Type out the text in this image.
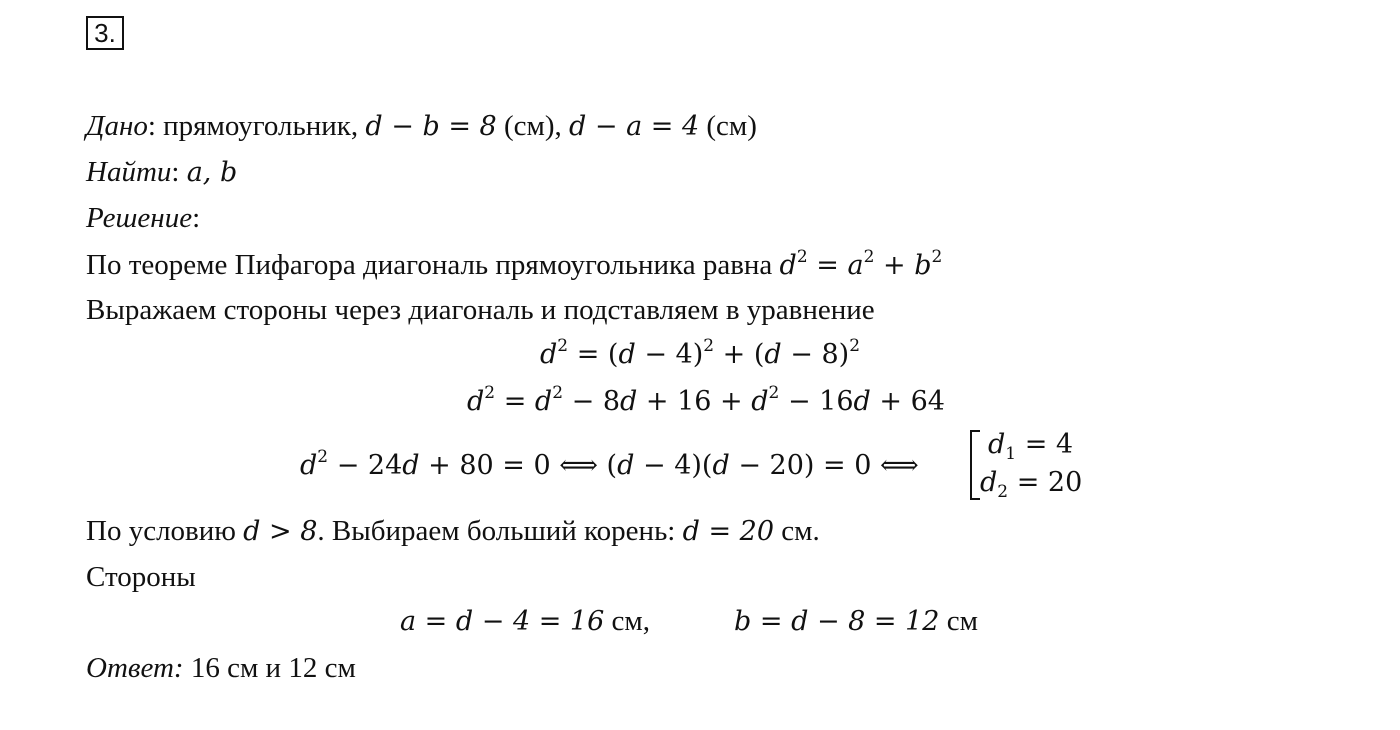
3.
Дано: прямоугольник, d − b = 8 (см), d − a = 4 (см)
Найти: a, b
Решение:
По теореме Пифагора диагональ прямоугольника равна $d^2 = a^2 + b^2$
Выражаем стороны через диагональ и подставляем в уравнение
$d^2 = (d - 4)^2 + (d - 8)^2$
$d^2 = d^2 - 8d + 16 + d^2 - 16d + 64$
$d^2 - 24d + 80 = 0$ ⟺ (d − 4)(d − 20) = 0 ⟺
$d_1 = 4$
$d_2 = 20$
По условию d > 8. Выбираем больший корень: d = 20 см.
Стороны
a = d − 4 = 16 см,	b = d − 8 = 12 см
Ответ: 16 см и 12 см
